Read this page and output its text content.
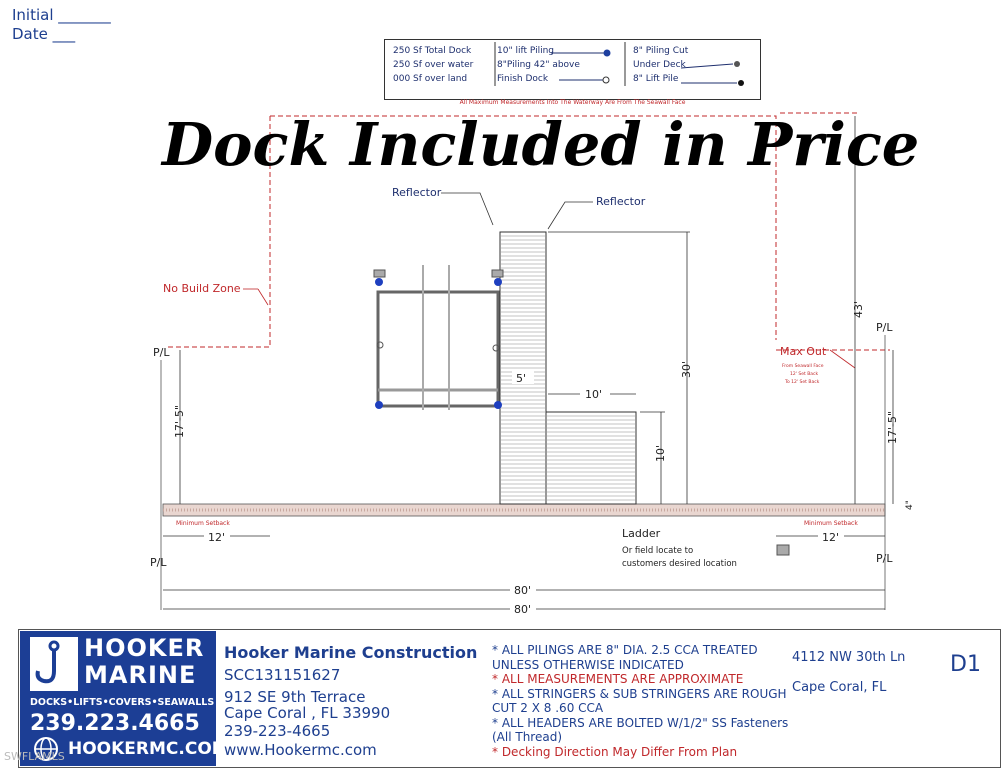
Initial _______
Date ___
250 Sf Total Dock
250 Sf over water
000 Sf over land
10" lift Piling
8"Piling 42" above
Finish Dock
8" Piling Cut
Under Deck
8" Lift Pile
All Maximum Measurements Into The Waterway Are From The Seawall Face
Reflector
Reflector
No Build Zone
Max Out
From Seawall Face
12' Set Back
To 12' Set Back
P/L
P/L
P/L	P/L
17'-5"	17'-5"
4"
43'
30'
10'
10'
5'
Minimum Setback	Minimum Setback
12'	12'
Ladder
Or field locate to
customers desired location
80'
80'
Dock Included in Price
HOOKER
MARINE
DOCKS•LIFTS•COVERS•SEAWALLS
239.223.4665
HOOKERMC.COM
Hooker Marine Construction
SCC131151627
912 SE 9th Terrace
Cape Coral , FL 33990
239-223-4665
www.Hookermc.com
* ALL PILINGS ARE 8" DIA. 2.5 CCA TREATED UNLESS OTHERWISE INDICATED
* ALL MEASUREMENTS ARE APPROXIMATE
* ALL STRINGERS & SUB STRINGERS ARE ROUGH CUT 2 X 8 .60 CCA
* ALL HEADERS ARE BOLTED W/1/2" SS Fasteners (All Thread)
* Decking Direction May Differ From Plan
4112 NW 30th Ln
Cape Coral, FL
D1
SWFLAMLS
